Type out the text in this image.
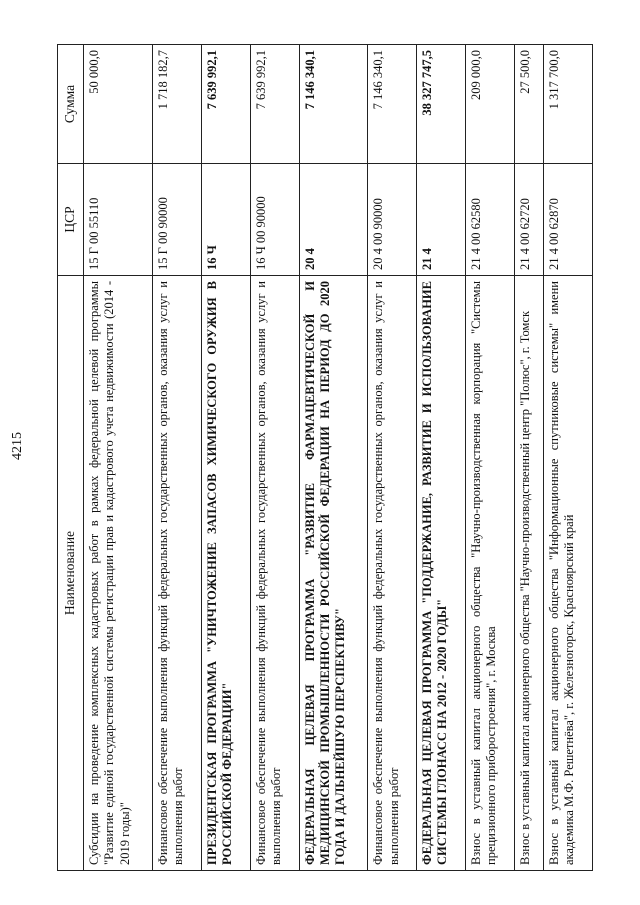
4215
Наименование	ЦСР	Сумма
Субсидии на проведение комплексных кадастровых работ в рамках федеральной целевой программы "Развитие единой государственной системы регистрации прав и кадастрового учета недвижимости (2014 - 2019 годы)"	15 Г 00 55110	50 000,0
Финансовое обеспечение выполнения функций федеральных государственных органов, оказания услуг и выполнения работ	15 Г 00 90000	1 718 182,7
ПРЕЗИДЕНТСКАЯ ПРОГРАММА "УНИЧТОЖЕНИЕ ЗАПАСОВ ХИМИЧЕСКОГО ОРУЖИЯ В РОССИЙСКОЙ ФЕДЕРАЦИИ"	16 Ч	7 639 992,1
Финансовое обеспечение выполнения функций федеральных государственных органов, оказания услуг и выполнения работ	16 Ч 00 90000	7 639 992,1
ФЕДЕРАЛЬНАЯ ЦЕЛЕВАЯ ПРОГРАММА "РАЗВИТИЕ ФАРМАЦЕВТИЧЕСКОЙ И МЕДИЦИНСКОЙ ПРОМЫШЛЕННОСТИ РОССИЙСКОЙ ФЕДЕРАЦИИ НА ПЕРИОД ДО 2020 ГОДА И ДАЛЬНЕЙШУЮ ПЕРСПЕКТИВУ"	20 4	7 146 340,1
Финансовое обеспечение выполнения функций федеральных государственных органов, оказания услуг и выполнения работ	20 4 00 90000	7 146 340,1
ФЕДЕРАЛЬНАЯ ЦЕЛЕВАЯ ПРОГРАММА "ПОДДЕРЖАНИЕ, РАЗВИТИЕ И ИСПОЛЬЗОВАНИЕ СИСТЕМЫ ГЛОНАСС НА 2012 - 2020 ГОДЫ"	21 4	38 327 747,5
Взнос в уставный капитал акционерного общества "Научно-производственная корпорация "Системы прецизионного приборостроения", г. Москва	21 4 00 62580	209 000,0
Взнос в уставный капитал акционерного общества "Научно-производственный центр "Полюс", г. Томск	21 4 00 62720	27 500,0
Взнос в уставный капитал акционерного общества "Информационные спутниковые системы" имени академика М.Ф. Решетнёва", г. Железногорск, Красноярский край	21 4 00 62870	1 317 700,0
